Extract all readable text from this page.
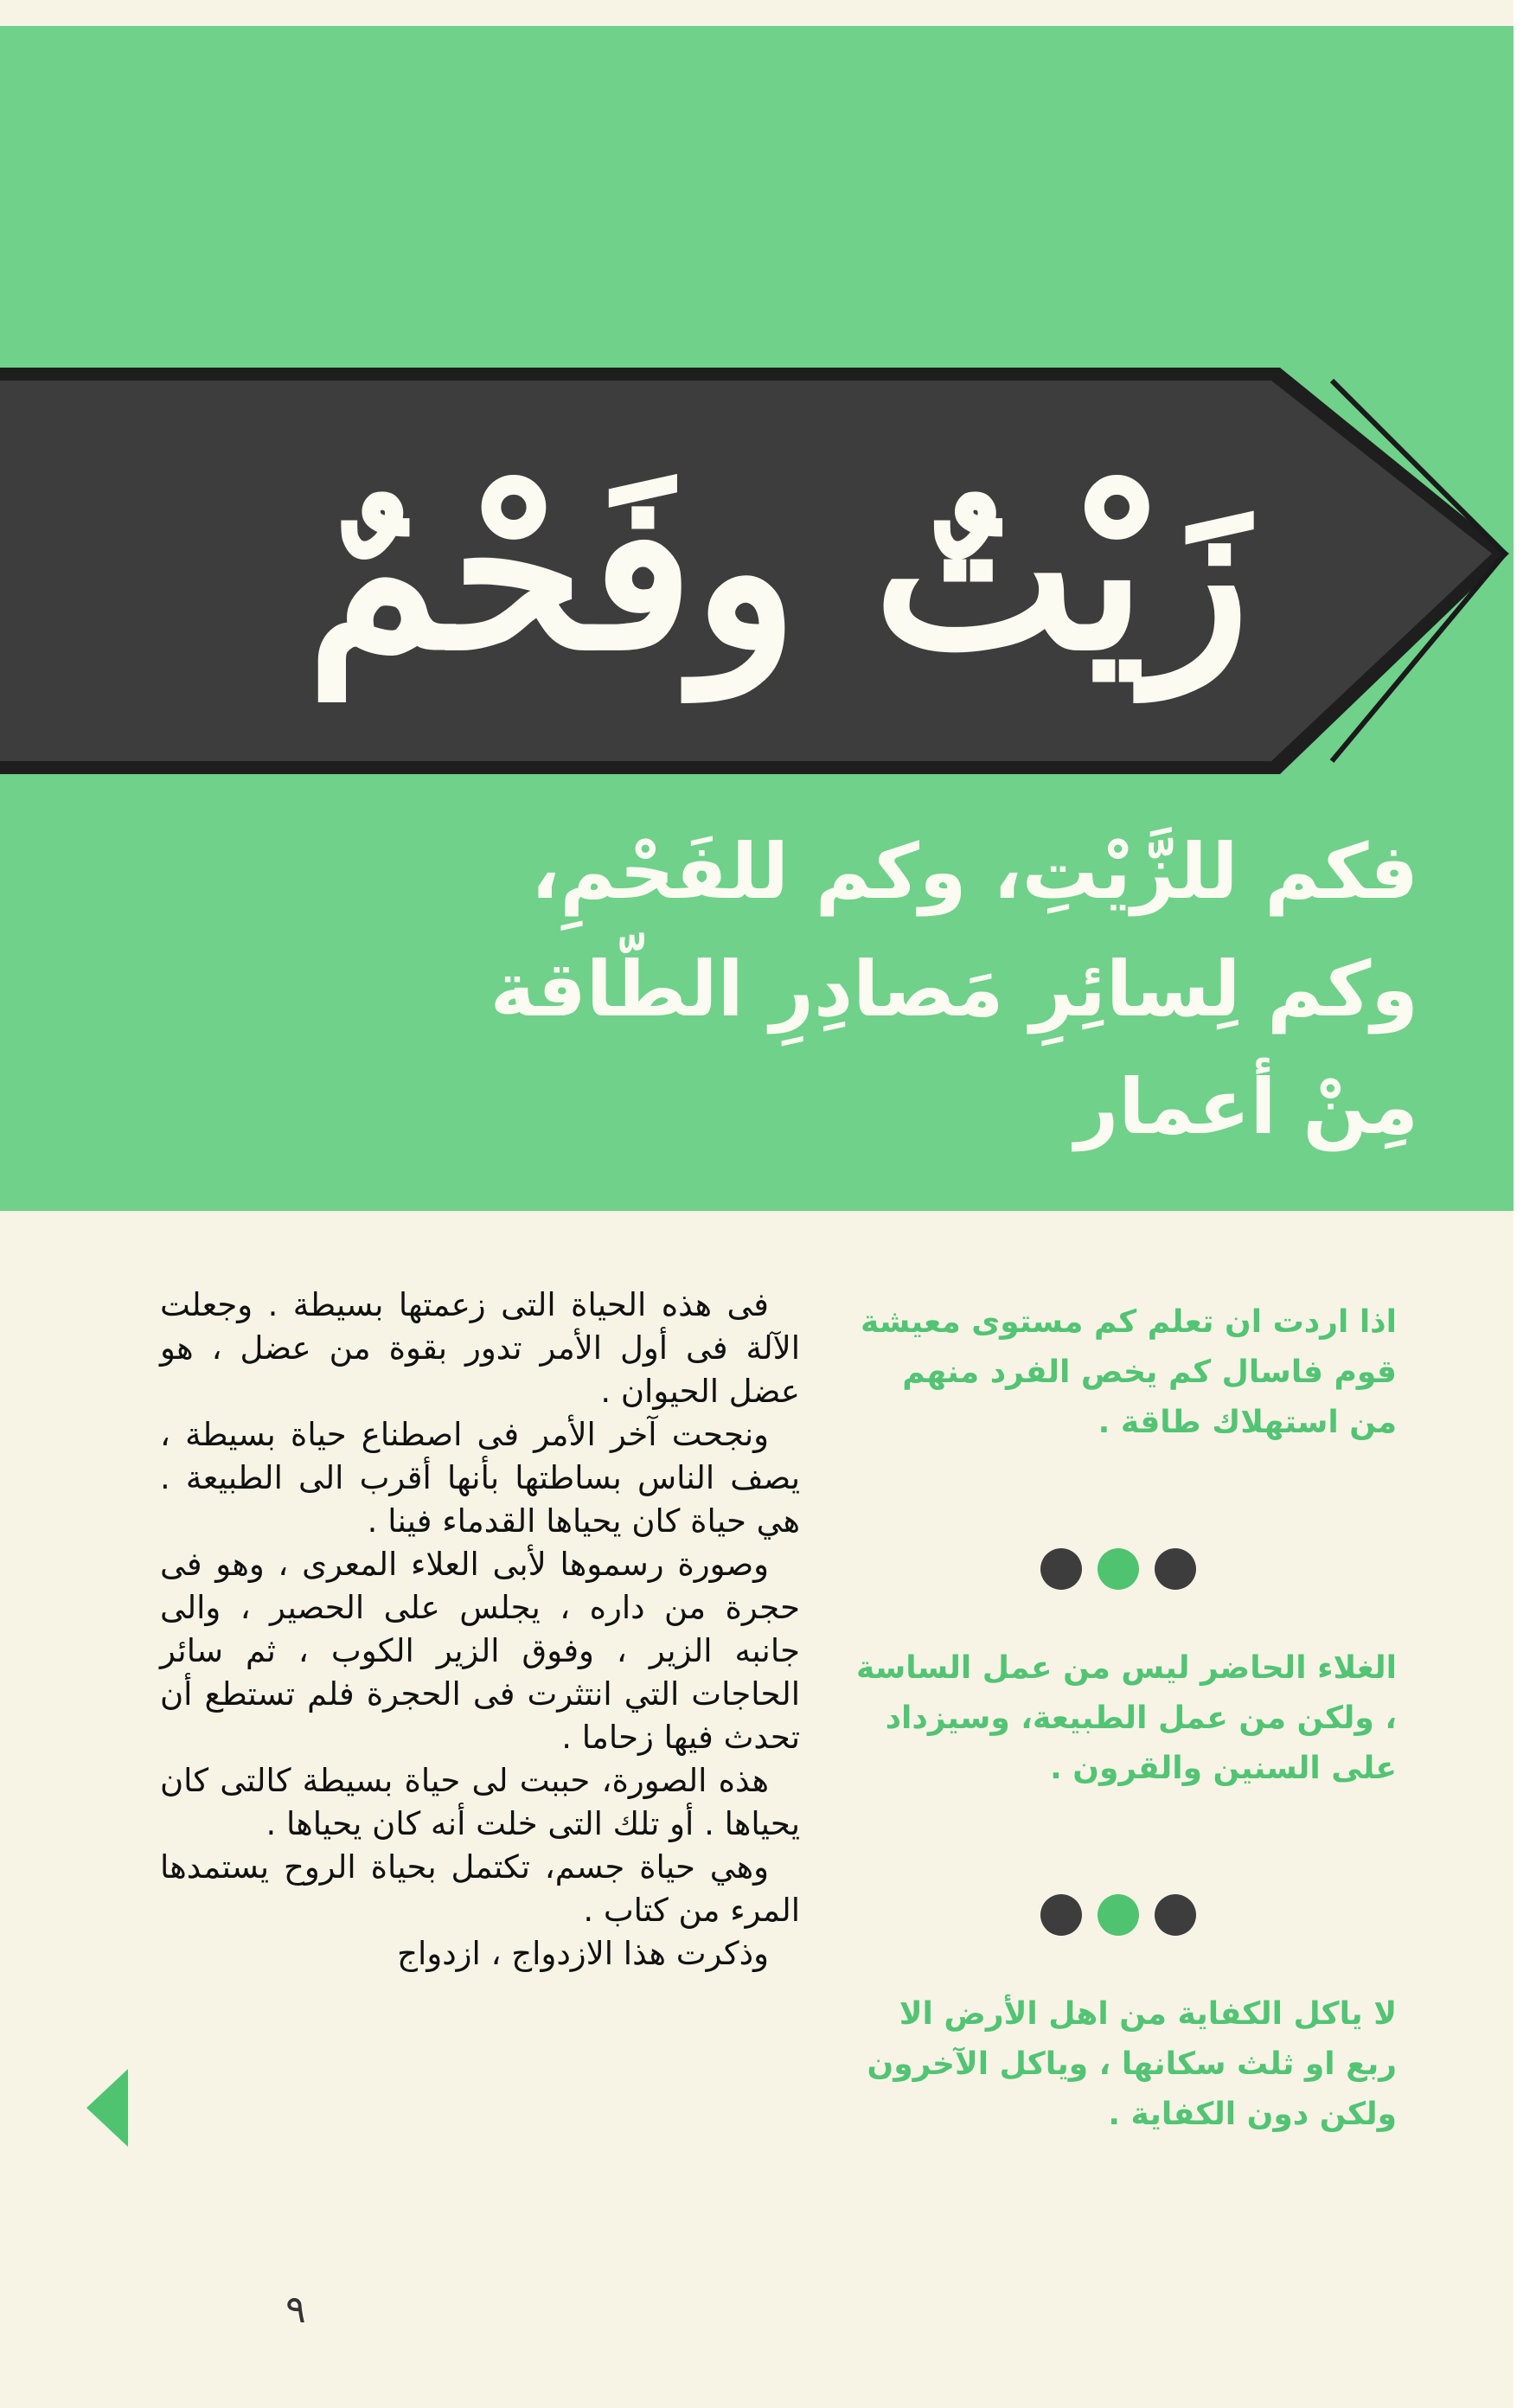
زَيْتٌ وفَحْمٌ
فكم للزَّيْتِ، وكم للفَحْمِ،
وكم لِسائِرِ مَصادِرِ الطّاقة
مِنْ أعمار

فى هذه الحياة التى زعمتها بسيطة . وجعلت الآلة فى أول الأمر تدور بقوة من عضل ، هو عضل الحيوان .

ونجحت آخر الأمر فى اصطناع حياة بسيطة ، يصف الناس بساطتها بأنها أقرب الى الطبيعة . هي حياة كان يحياها القدماء فينا .

وصورة رسموها لأبى العلاء المعرى ، وهو فى حجرة من داره ، يجلس على الحصير ، والى جانبه الزير ، وفوق الزير الكوب ، ثم سائر الحاجات التي انتثرت فى الحجرة فلم تستطع أن تحدث فيها زحاما .

هذه الصورة، حببت لى حياة بسيطة كالتى كان يحياها . أو تلك التى خلت أنه كان يحياها .

وهي حياة جسم، تكتمل بحياة الروح يستمدها المرء من كتاب .

وذكرت هذا الازدواج ، ازدواج

اذا اردت ان تعلم كم مستوى معيشة قوم فاسال كم يخص الفرد منهم من استهلاك طاقة .
الغلاء الحاضر ليس من عمل الساسة ، ولكن من عمل الطبيعة، وسيزداد على السنين والقرون .
لا ياكل الكفاية من اهل الأرض الا ربع او ثلث سكانها ، وياكل الآخرون ولكن دون الكفاية .
٩
